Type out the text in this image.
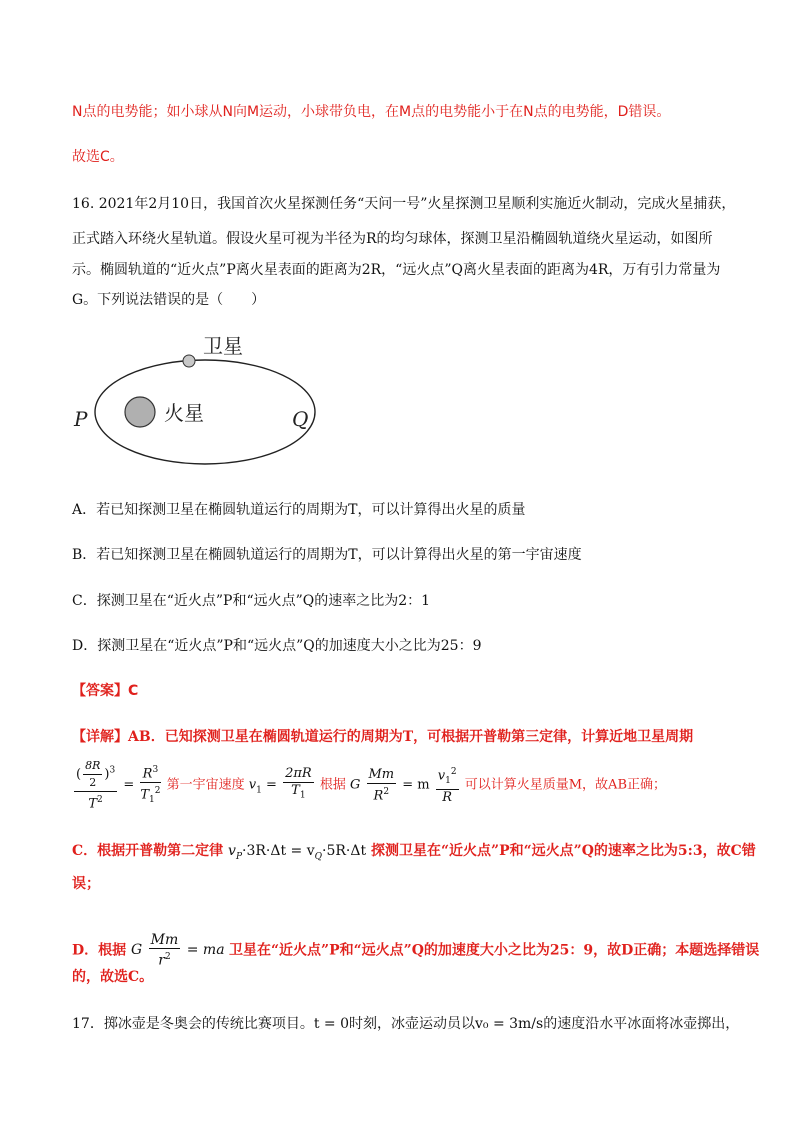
N点的电势能；如小球从N向M运动，小球带负电，在M点的电势能小于在N点的电势能，D错误。
故选C。
16. 2021年2月10日，我国首次火星探测任务“天问一号”火星探测卫星顺利实施近火制动，完成火星捕获，
正式踏入环绕火星轨道。假设火星可视为半径为R的均匀球体，探测卫星沿椭圆轨道绕火星运动，如图所
示。椭圆轨道的“近火点”P离火星表面的距离为2R，“远火点”Q离火星表面的距离为4R，万有引力常量为
G。下列说法错误的是（　　）
卫星
火星
P	Q
A．若已知探测卫星在椭圆轨道运行的周期为T，可以计算得出火星的质量
B．若已知探测卫星在椭圆轨道运行的周期为T，可以计算得出火星的第一宇宙速度
C．探测卫星在“近火点”P和“远火点”Q的速率之比为2：1
D．探测卫星在“近火点”P和“远火点”Q的加速度大小之比为25：9
【答案】C
【详解】AB．已知探测卫星在椭圆轨道运行的周期为T，可根据开普勒第三定律，计算近地卫星周期
$\frac{( \frac{8R}{2} )^3}{T^2} = \frac{R^3}{T_1^2}$ 第一宇宙速度 $v_1 = \frac{2\pi R}{T_1}$ 根据 G $\frac{Mm}{R^2} = m \frac{v_1^2}{R}$ 可以计算火星质量M，故AB正确；
C．根据开普勒第二定律 $v_P\cdot 3R\cdot\Delta t = v_Q\cdot 5R\cdot\Delta t$ 探测卫星在“近火点”P和“远火点”Q的速率之比为5:3，故C错
误；
D．根据 G $\frac{Mm}{r^2}$ = ma 卫星在“近火点”P和“远火点”Q的加速度大小之比为25：9，故D正确；本题选择错误
的，故选C。
17．掷冰壶是冬奥会的传统比赛项目。t = 0时刻，冰壶运动员以v₀ = 3m/s的速度沿水平冰面将冰壶掷出，
